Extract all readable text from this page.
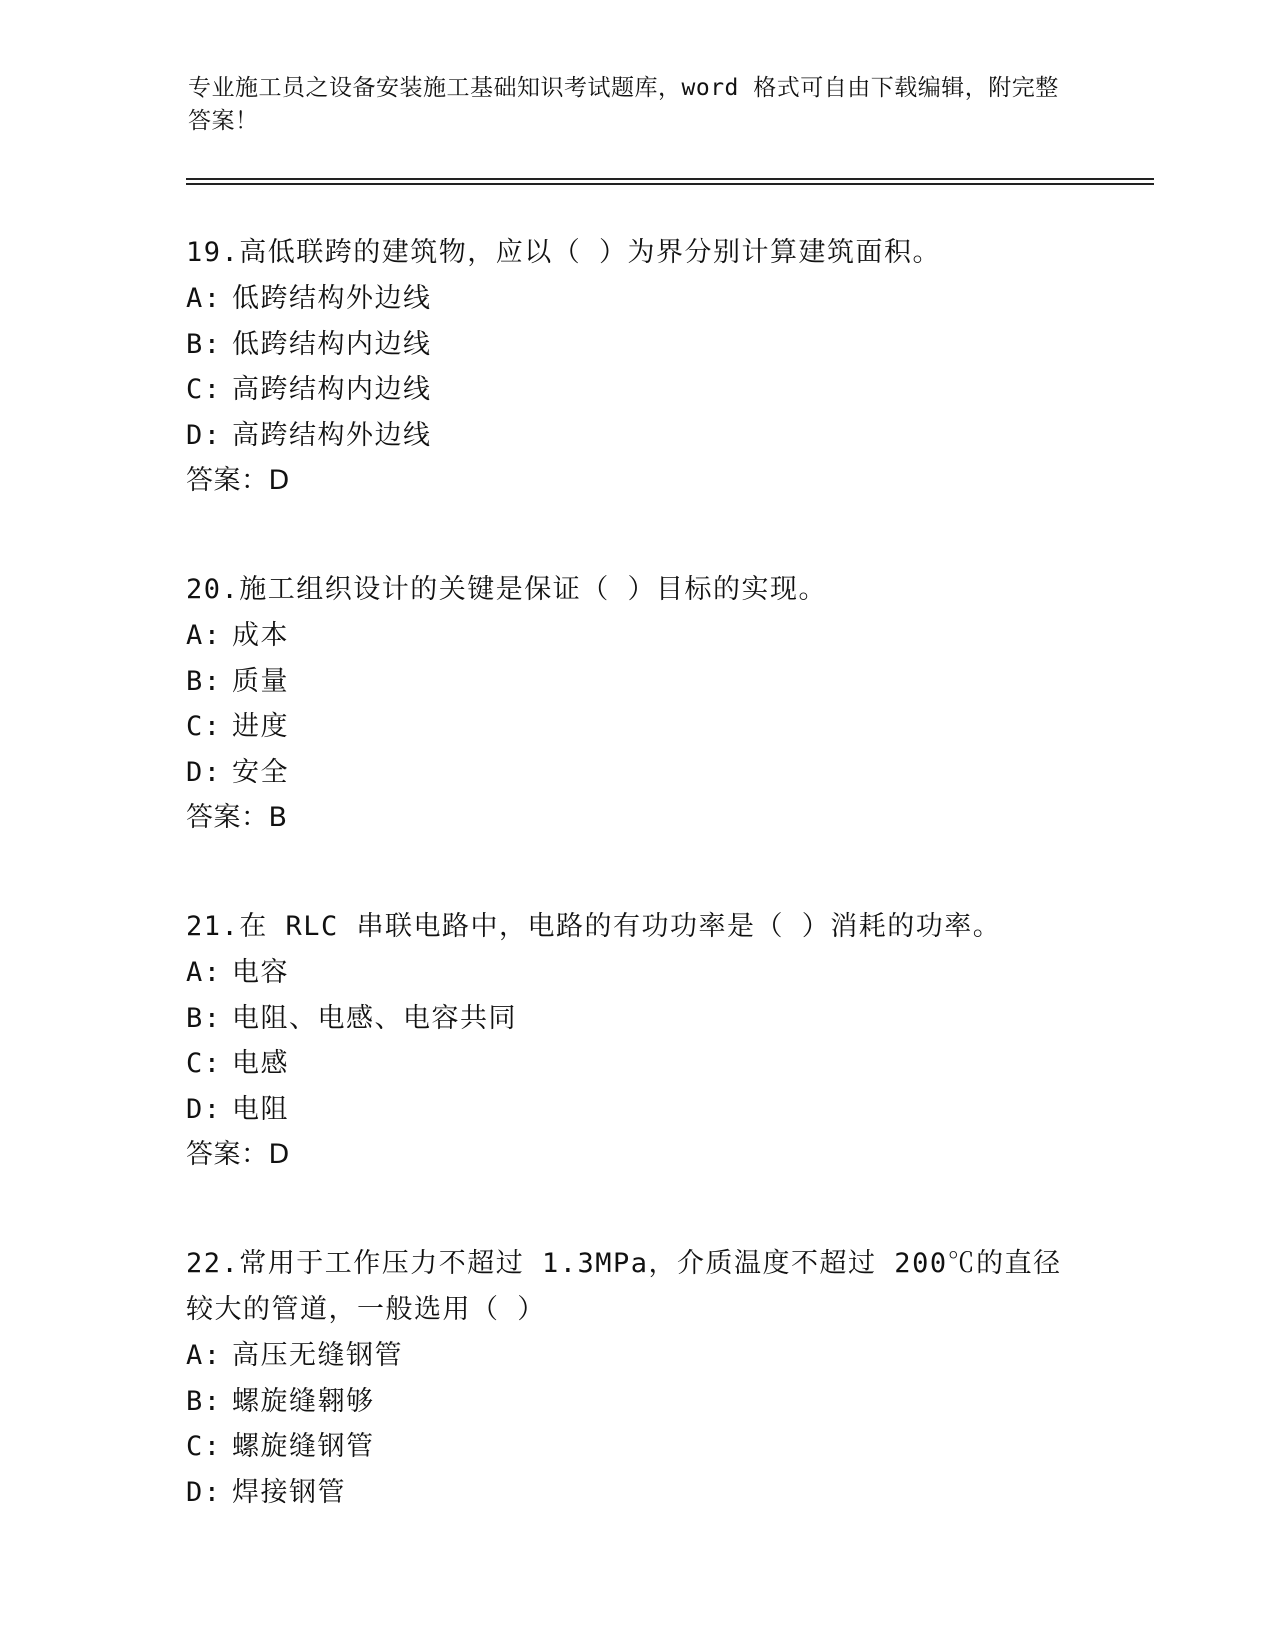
专业施工员之设备安装施工基础知识考试题库，word 格式可自由下载编辑，附完整答案！
19.高低联跨的建筑物，应以（ ）为界分别计算建筑面积。
A: 低跨结构外边线
B: 低跨结构内边线
C: 高跨结构内边线
D: 高跨结构外边线
答案：D
20.施工组织设计的关键是保证（ ）目标的实现。
A: 成本
B: 质量
C: 进度
D: 安全
答案：B
21.在 RLC 串联电路中，电路的有功功率是（ ）消耗的功率。
A: 电容
B: 电阻、电感、电容共同
C: 电感
D: 电阻
答案：D
22.常用于工作压力不超过 1.3MPa，介质温度不超过 200℃的直径较大的管道，一般选用（ ）
A: 高压无缝钢管
B: 螺旋缝翱够
C: 螺旋缝钢管
D: 焊接钢管
